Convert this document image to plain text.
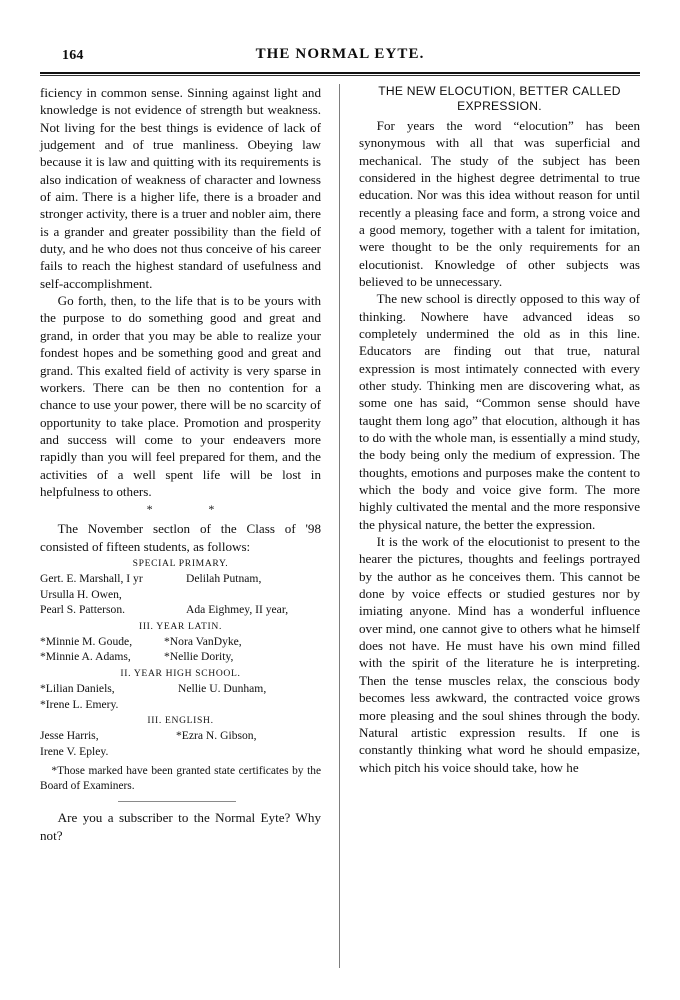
164	THE NORMAL EYTE.

ficiency in common sense. Sinning against light and knowledge is not evidence of strength but weakness. Not living for the best things is evidence of lack of judgement and of true manliness. Obeying law because it is law and quitting with its requirements is also indication of weakness of character and lowness of aim. There is a higher life, there is a broader and stronger activity, there is a truer and nobler aim, there is a grander and greater possibility than the field of duty, and he who does not thus conceive of his career fails to reach the highest standard of usefulness and self-accomplishment.

Go forth, then, to the life that is to be yours with the purpose to do something good and great and grand, in order that you may be able to realize your fondest hopes and be something good and great and grand. This exalted field of activity is very sparse in workers. There can be then no contention for a chance to use your power, there will be no scarcity of opportunity to take place. Promotion and prosperity and success will come to your endeavers more rapidly than you will feel prepared for them, and the activities of a well spent life will be lost in helpfulness to others.

* *

The November sectlon of the Class of '98 consisted of fifteen students, as follows:

SPECIAL PRIMARY.

Gert. E. Marshall, I yr	Delilah Putnam,
Ursulla H. Owen,
Pearl S. Patterson.	Ada Eighmey, II year,

III. YEAR LATIN.

*Minnie M. Goude,	*Nora VanDyke,
*Minnie A. Adams,	*Nellie Dority,

II. YEAR HIGH SCHOOL.

*Lilian Daniels,	Nellie U. Dunham,
*Irene L. Emery.

III. ENGLISH.

Jesse Harris,	*Ezra N. Gibson,
Irene V. Epley.

*Those marked have been granted state certificates by the Board of Examiners.

Are you a subscriber to the Normal Eyte? Why not?

THE NEW ELOCUTION, BETTER CALLED
EXPRESSION.

For years the word “elocution” has been synonymous with all that was superficial and mechanical. The study of the subject has been considered in the highest degree detrimental to true education. Nor was this idea without reason for until recently a pleasing face and form, a strong voice and a good memory, together with a talent for imitation, were thought to be the only requirements for an elocutionist. Knowledge of other subjects was believed to be unnecessary.

The new school is directly opposed to this way of thinking. Nowhere have advanced ideas so completely undermined the old as in this line. Educators are finding out that true, natural expression is most intimately connected with every other study. Thinking men are discovering what, as some one has said, “Common sense should have taught them long ago” that elocution, although it has to do with the whole man, is essentially a mind study, the body being only the medium of expression. The thoughts, emotions and purposes make the content to which the body and voice give form. The more highly cultivated the mental and the more responsive the physical nature, the better the expression.

It is the work of the elocutionist to present to the hearer the pictures, thoughts and feelings portrayed by the author as he conceives them. This cannot be done by voice effects or studied gestures nor by imiating anyone. Mind has a wonderful influence over mind, one cannot give to others what he himself does not have. He must have his own mind filled with the spirit of the literature he is interpreting. Then the tense muscles relax, the conscious body becomes less awkward, the contracted voice grows more pleasing and the soul shines through the body. Natural artistic expression results. If one is constantly thinking what word he should empasize, which pitch his voice should take, how he
